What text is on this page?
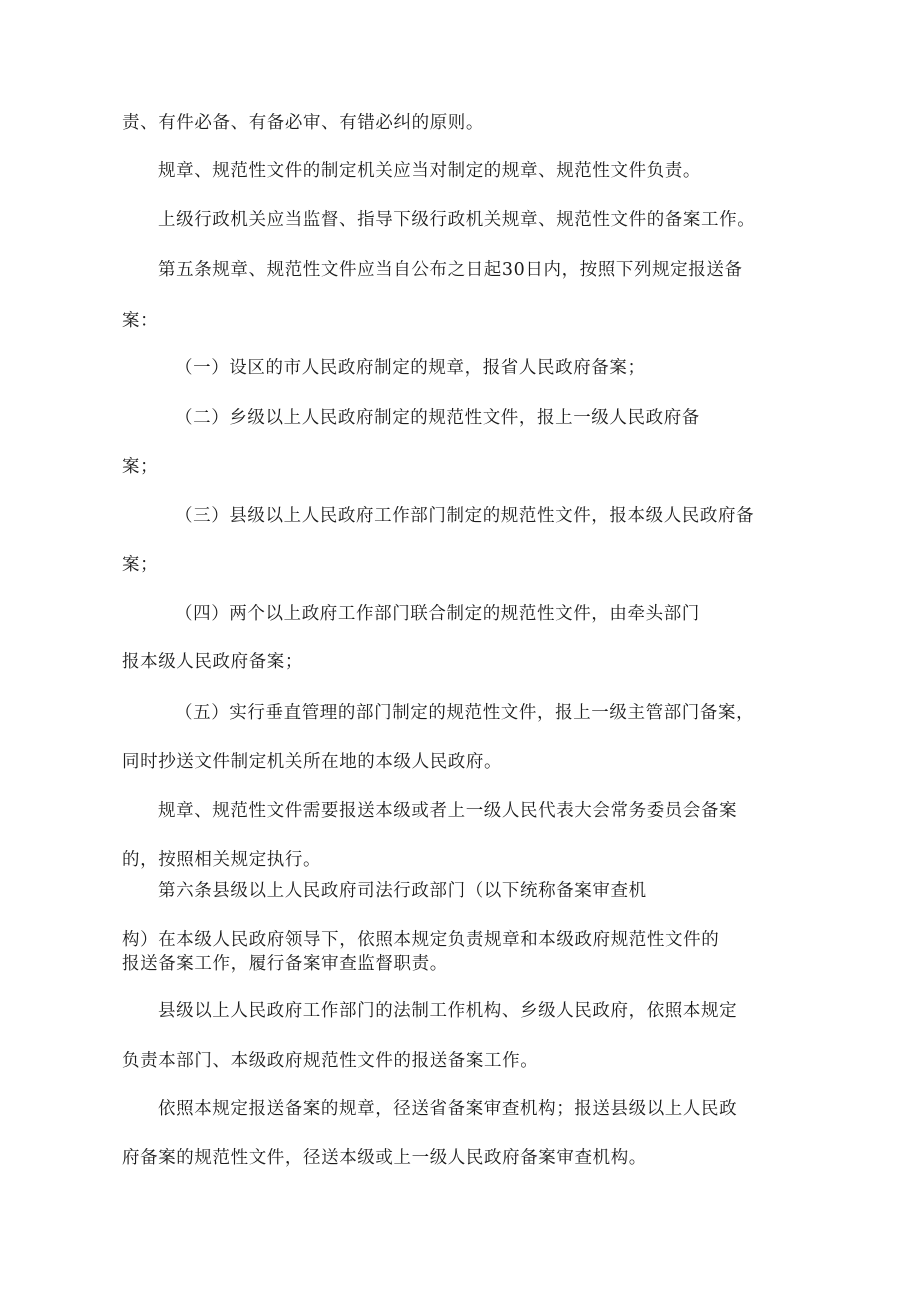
责、有件必备、有备必审、有错必纠的原则。

规章、规范性文件的制定机关应当对制定的规章、规范性文件负责。

上级行政机关应当监督、指导下级行政机关规章、规范性文件的备案工作。

第五条规章、规范性文件应当自公布之日起30日内，按照下列规定报送备

案：

（一）设区的市人民政府制定的规章，报省人民政府备案；

（二）乡级以上人民政府制定的规范性文件，报上一级人民政府备

案；

（三）县级以上人民政府工作部门制定的规范性文件，报本级人民政府备

案；

（四）两个以上政府工作部门联合制定的规范性文件，由牵头部门

报本级人民政府备案；

（五）实行垂直管理的部门制定的规范性文件，报上一级主管部门备案，

同时抄送文件制定机关所在地的本级人民政府。

规章、规范性文件需要报送本级或者上一级人民代表大会常务委员会备案

的，按照相关规定执行。

第六条县级以上人民政府司法行政部门（以下统称备案审查机

构）在本级人民政府领导下，依照本规定负责规章和本级政府规范性文件的

报送备案工作，履行备案审查监督职责。

县级以上人民政府工作部门的法制工作机构、乡级人民政府，依照本规定

负责本部门、本级政府规范性文件的报送备案工作。

依照本规定报送备案的规章，径送省备案审查机构；报送县级以上人民政

府备案的规范性文件，径送本级或上一级人民政府备案审查机构。
